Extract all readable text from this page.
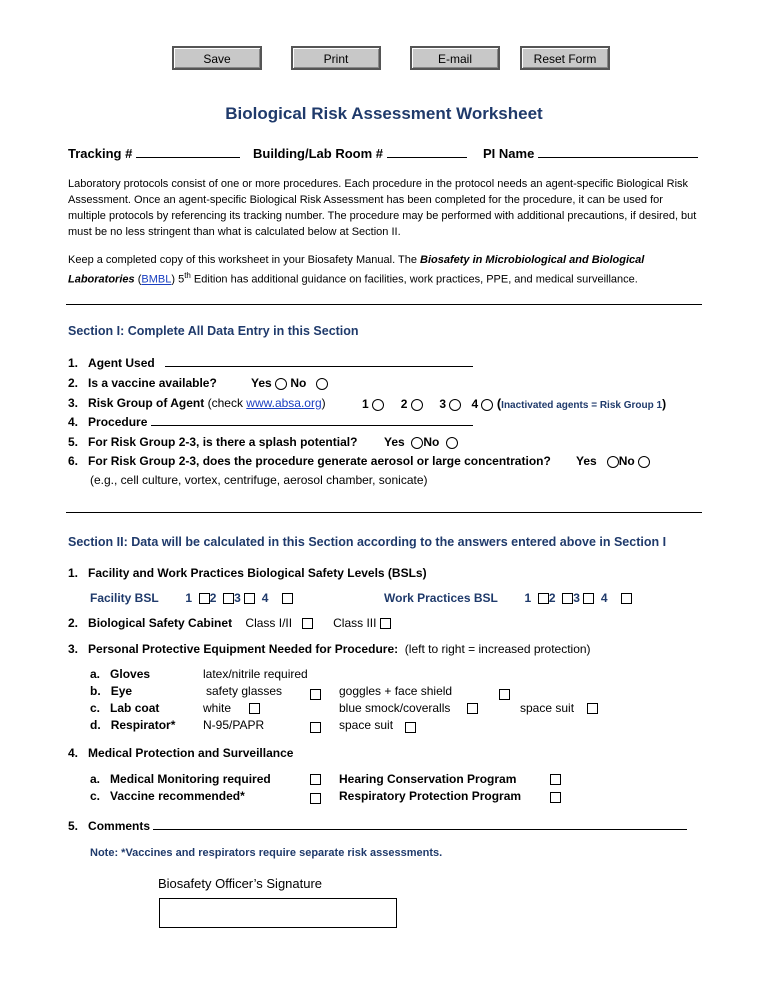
Save	Print	E-mail	Reset Form
Biological Risk Assessment Worksheet
Tracking #	Building/Lab Room #	PI Name
Laboratory protocols consist of one or more procedures. Each procedure in the protocol needs an agent-specific Biological Risk Assessment. Once an agent-specific Biological Risk Assessment has been completed for the procedure, it can be used for multiple protocols by referencing its tracking number. The procedure may be performed with additional precautions, if desired, but must be no less stringent than what is calculated below at Section II.
Keep a completed copy of this worksheet in your Biosafety Manual. The Biosafety in Microbiological and Biological Laboratories (BMBL) 5th Edition has additional guidance on facilities, work practices, PPE, and medical surveillance.
Section I: Complete All Data Entry in this Section
1. Agent Used
2. Is a vaccine available?	Yes No
3. Risk Group of Agent (check www.absa.org)	1	2	3 4 (Inactivated agents = Risk Group 1)
4. Procedure
5. For Risk Group 2-3, is there a splash potential? Yes No
6. For Risk Group 2-3, does the procedure generate aerosol or large concentration? Yes No
(e.g., cell culture, vortex, centrifuge, aerosol chamber, sonicate)
Section II: Data will be calculated in this Section according to the answers entered above in Section I
1. Facility and Work Practices Biological Safety Levels (BSLs)
Facility BSL 1 2 3 4	Work Practices BSL 1 2 3 4
2. Biological Safety Cabinet Class I/II	Class III
3. Personal Protective Equipment Needed for Procedure: (left to right = increased protection)
a. Gloves	latex/nitrile required
b. Eye	safety glasses	goggles + face shield
c. Lab coat	white	blue smock/coveralls	space suit
d. Respirator* N-95/PAPR	space suit
4. Medical Protection and Surveillance
a. Medical Monitoring required	Hearing Conservation Program
c. Vaccine recommended*	Respiratory Protection Program
5. Comments
Note: *Vaccines and respirators require separate risk assessments.
Biosafety Officer’s Signature
